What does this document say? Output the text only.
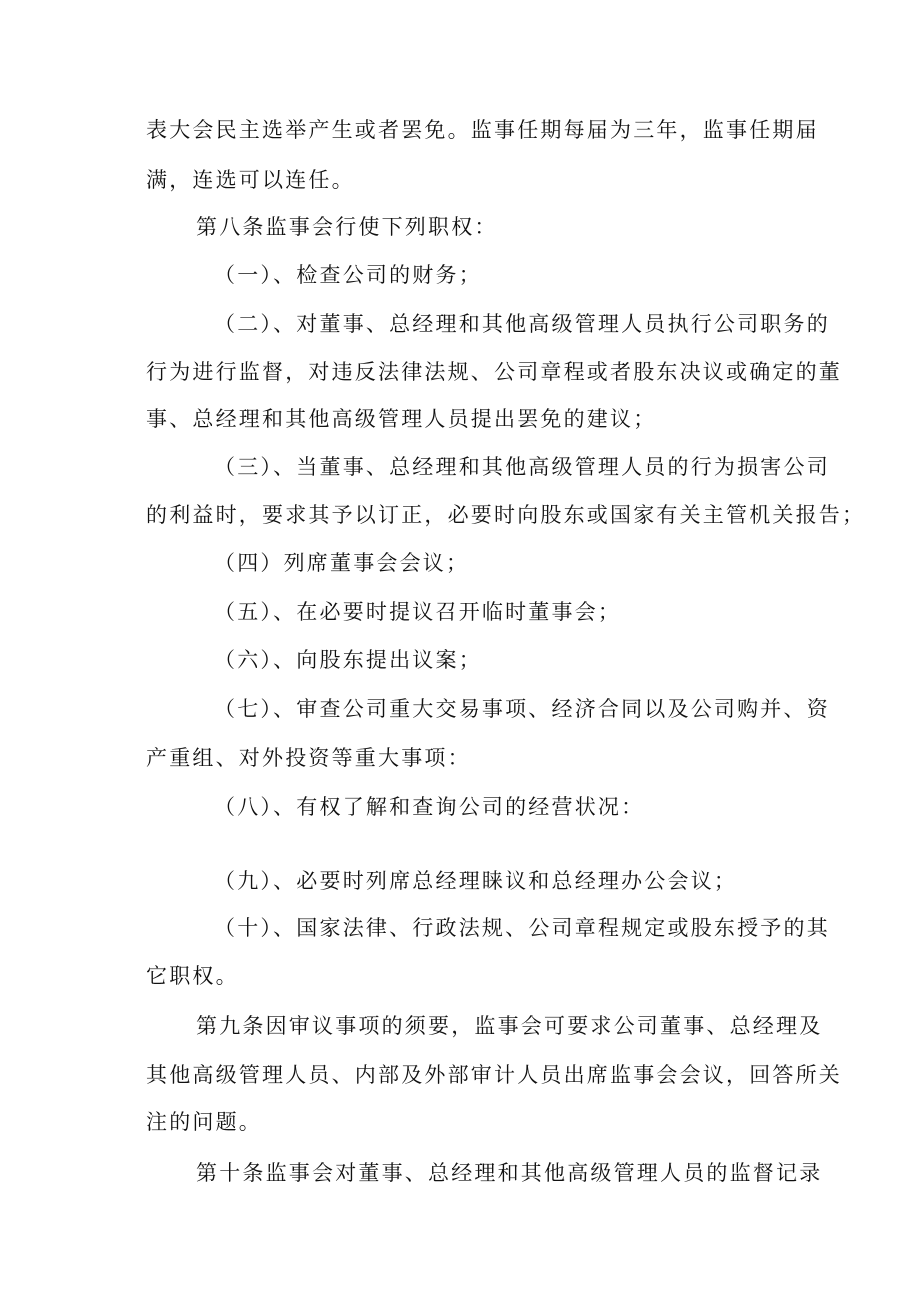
表大会民主选举产生或者罢免。监事任期每届为三年，监事任期届
满，连选可以连任。
第八条监事会行使下列职权：
（一）、检查公司的财务；
（二）、对董事、总经理和其他高级管理人员执行公司职务的
行为进行监督，对违反法律法规、公司章程或者股东决议或确定的董
事、总经理和其他高级管理人员提出罢免的建议；
（三）、当董事、总经理和其他高级管理人员的行为损害公司
的利益时，要求其予以订正，必要时向股东或国家有关主管机关报告；
（四）列席董事会会议；
（五）、在必要时提议召开临时董事会；
（六）、向股东提出议案；
（七）、审查公司重大交易事项、经济合同以及公司购并、资
产重组、对外投资等重大事项：
（八）、有权了解和查询公司的经营状况：
（九）、必要时列席总经理睐议和总经理办公会议；
（十）、国家法律、行政法规、公司章程规定或股东授予的其
它职权。
第九条因审议事项的须要，监事会可要求公司董事、总经理及
其他高级管理人员、内部及外部审计人员出席监事会会议，回答所关
注的问题。
第十条监事会对董事、总经理和其他高级管理人员的监督记录
